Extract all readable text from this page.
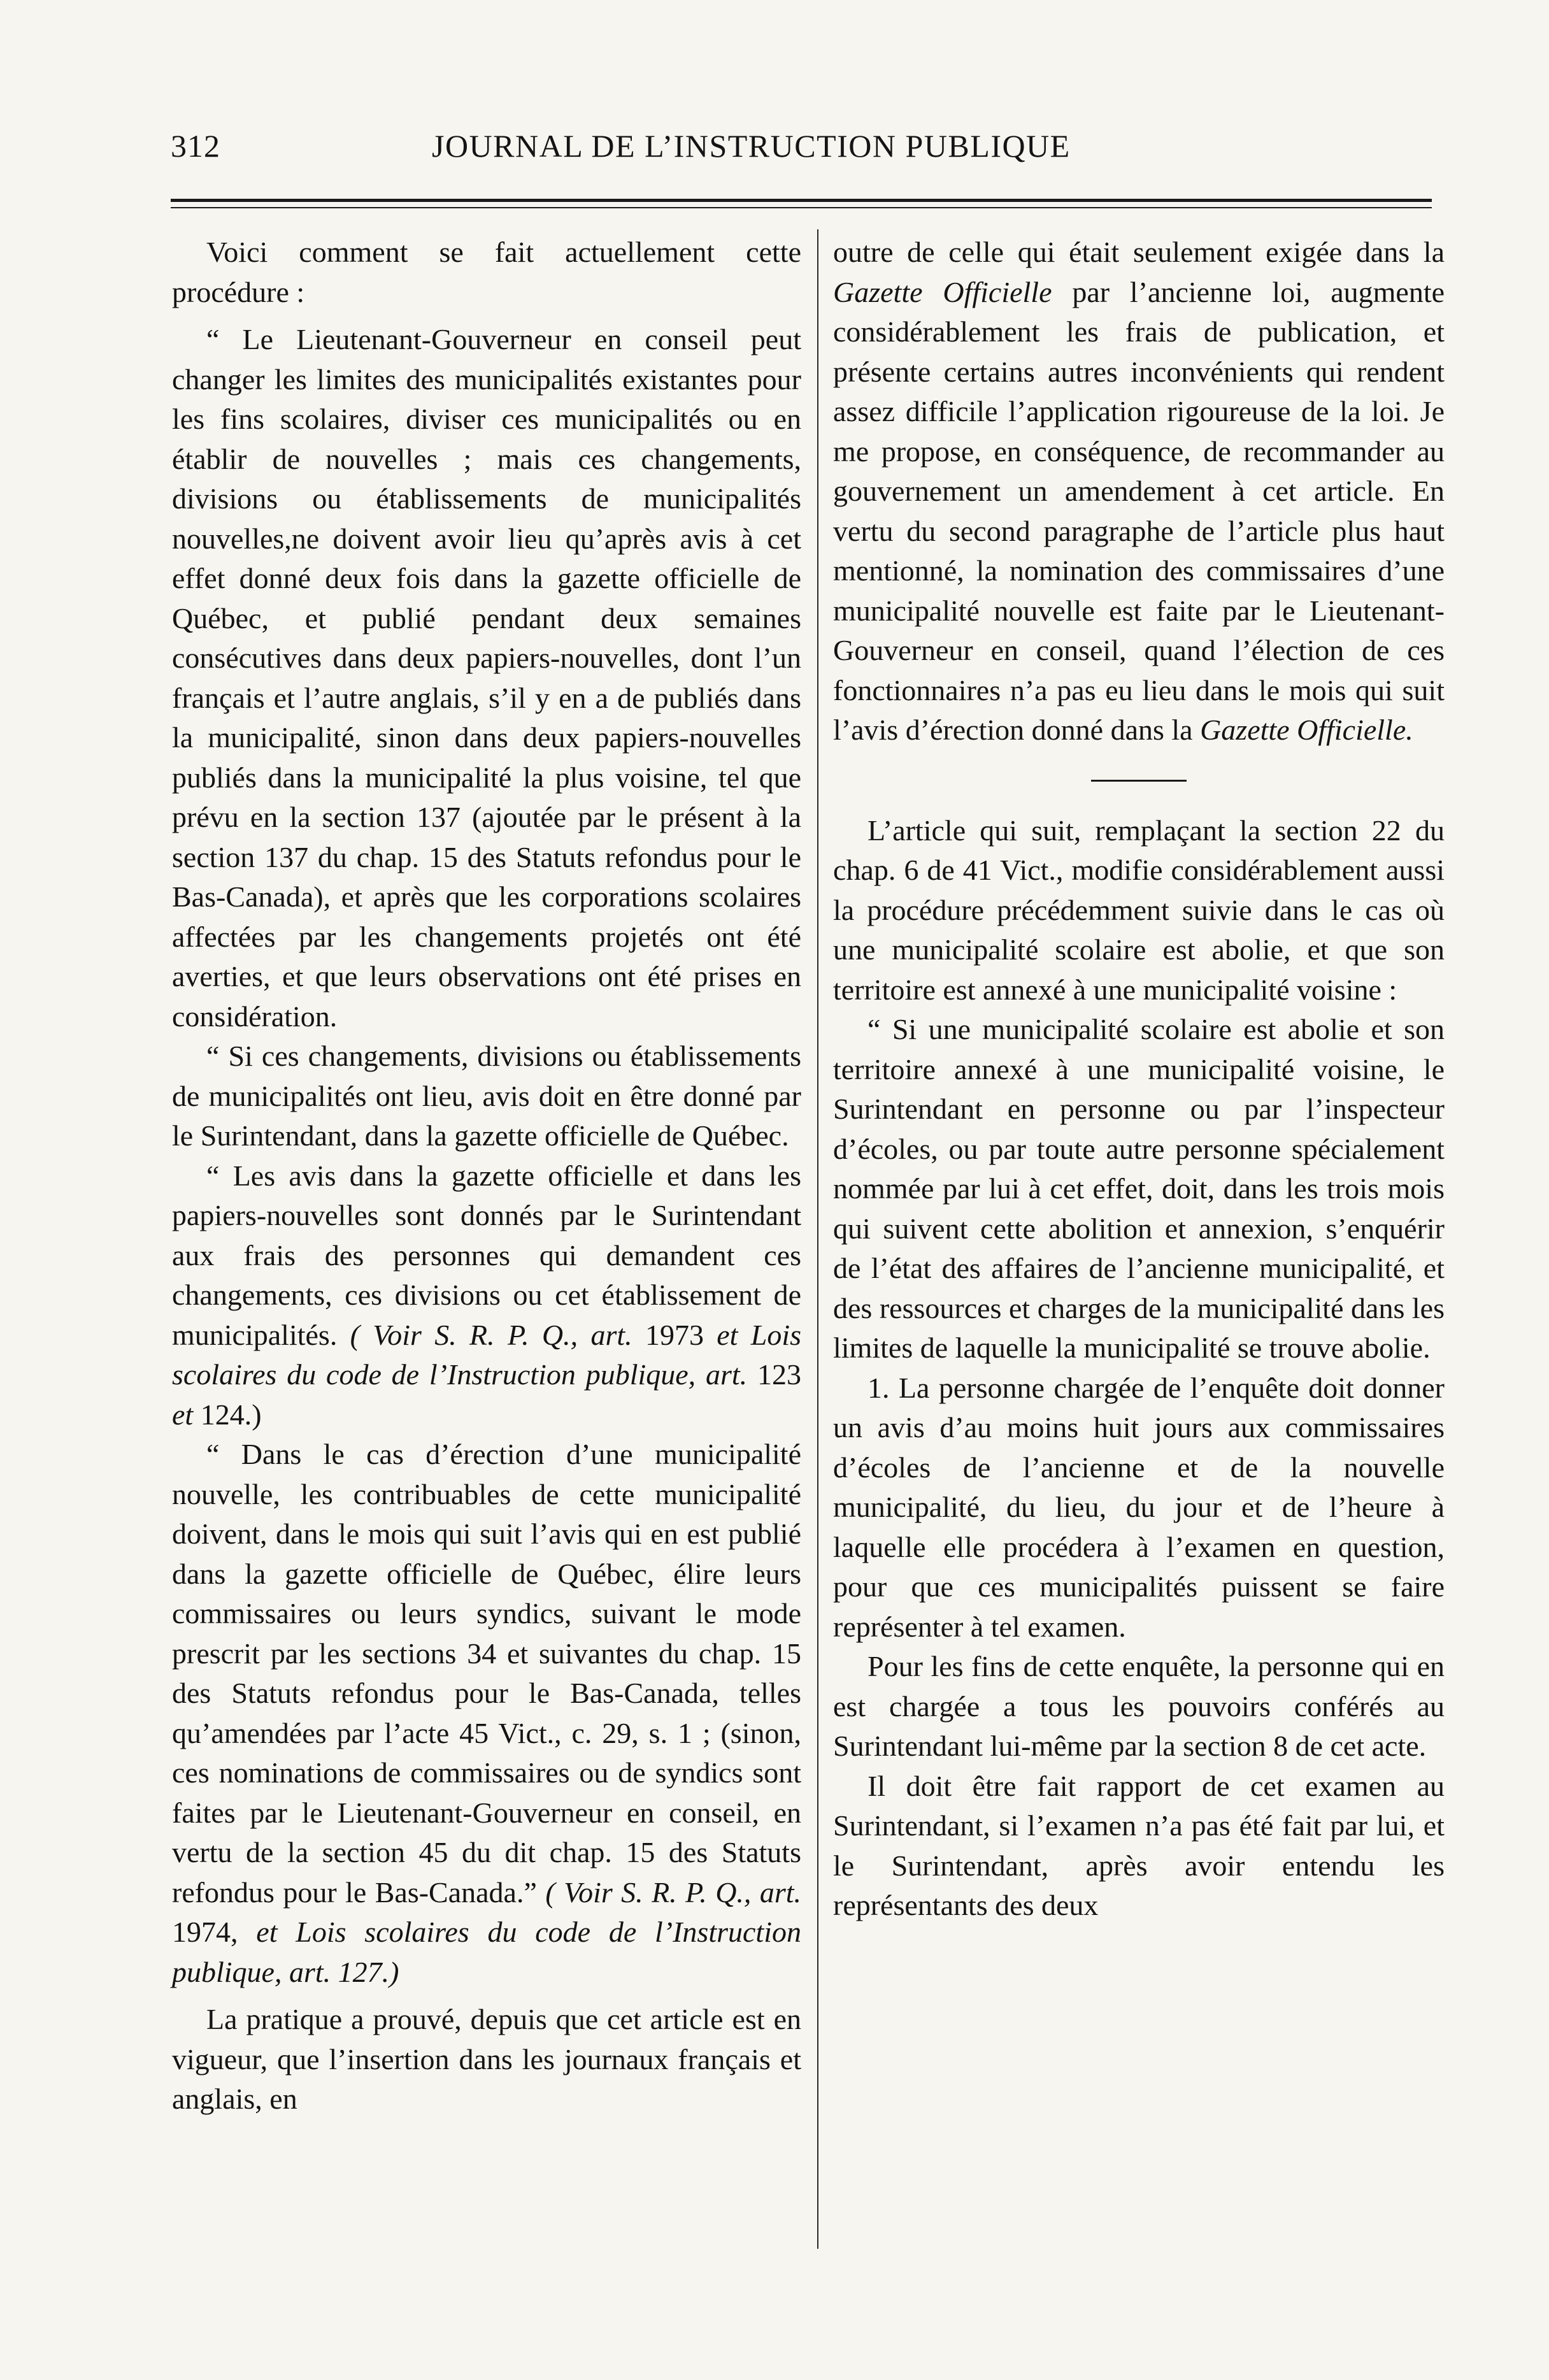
312	JOURNAL DE L’INSTRUCTION PUBLIQUE

Voici comment se fait actuellement cette procédure :

“ Le Lieutenant-Gouverneur en conseil peut changer les limites des municipalités existantes pour les fins scolaires, diviser ces municipalités ou en établir de nouvelles ; mais ces changements, divisions ou établissements de municipalités nouvelles,ne doivent avoir lieu qu’après avis à cet effet donné deux fois dans la gazette officielle de Québec, et publié pendant deux semaines consécutives dans deux papiers-nouvelles, dont l’un français et l’autre anglais, s’il y en a de publiés dans la municipalité, sinon dans deux papiers-nouvelles publiés dans la municipalité la plus voisine, tel que prévu en la section 137 (ajoutée par le présent à la section 137 du chap. 15 des Statuts refondus pour le Bas-Canada), et après que les corporations scolaires affectées par les changements projetés ont été averties, et que leurs observations ont été prises en considération.

“ Si ces changements, divisions ou établissements de municipalités ont lieu, avis doit en être donné par le Surintendant, dans la gazette officielle de Québec.

“ Les avis dans la gazette officielle et dans les papiers-nouvelles sont donnés par le Surintendant aux frais des personnes qui demandent ces changements, ces divisions ou cet établissement de municipalités. ( Voir S. R. P. Q., art. 1973 et Lois scolaires du code de l’Instruction publique, art. 123 et 124.)

“ Dans le cas d’érection d’une municipalité nouvelle, les contribuables de cette municipalité doivent, dans le mois qui suit l’avis qui en est publié dans la gazette officielle de Québec, élire leurs commissaires ou leurs syndics, suivant le mode prescrit par les sections 34 et suivantes du chap. 15 des Statuts refondus pour le Bas-Canada, telles qu’amendées par l’acte 45 Vict., c. 29, s. 1 ; (sinon, ces nominations de commissaires ou de syndics sont faites par le Lieutenant-Gouverneur en conseil, en vertu de la section 45 du dit chap. 15 des Statuts refondus pour le Bas-Canada.” ( Voir S. R. P. Q., art. 1974, et Lois scolaires du code de l’Instruction publique, art. 127.)

La pratique a prouvé, depuis que cet article est en vigueur, que l’insertion dans les journaux français et anglais, en

outre de celle qui était seulement exigée dans la Gazette Officielle par l’ancienne loi, augmente considérablement les frais de publication, et présente certains autres inconvénients qui rendent assez difficile l’application rigoureuse de la loi. Je me propose, en conséquence, de recommander au gouvernement un amendement à cet article. En vertu du second paragraphe de l’article plus haut mentionné, la nomination des commissaires d’une municipalité nouvelle est faite par le Lieutenant-Gouverneur en conseil, quand l’élection de ces fonctionnaires n’a pas eu lieu dans le mois qui suit l’avis d’érection donné dans la Gazette Officielle.

L’article qui suit, remplaçant la section 22 du chap. 6 de 41 Vict., modifie considérablement aussi la procédure précédemment suivie dans le cas où une municipalité scolaire est abolie, et que son territoire est annexé à une municipalité voisine :

“ Si une municipalité scolaire est abolie et son territoire annexé à une municipalité voisine, le Surintendant en personne ou par l’inspecteur d’écoles, ou par toute autre personne spécialement nommée par lui à cet effet, doit, dans les trois mois qui suivent cette abolition et annexion, s’enquérir de l’état des affaires de l’ancienne municipalité, et des ressources et charges de la municipalité dans les limites de laquelle la municipalité se trouve abolie.

1. La personne chargée de l’enquête doit donner un avis d’au moins huit jours aux commissaires d’écoles de l’ancienne et de la nouvelle municipalité, du lieu, du jour et de l’heure à laquelle elle procédera à l’examen en question, pour que ces municipalités puissent se faire représenter à tel examen.

Pour les fins de cette enquête, la personne qui en est chargée a tous les pouvoirs conférés au Surintendant lui-même par la section 8 de cet acte.

Il doit être fait rapport de cet examen au Surintendant, si l’examen n’a pas été fait par lui, et le Surintendant, après avoir entendu les représentants des deux
